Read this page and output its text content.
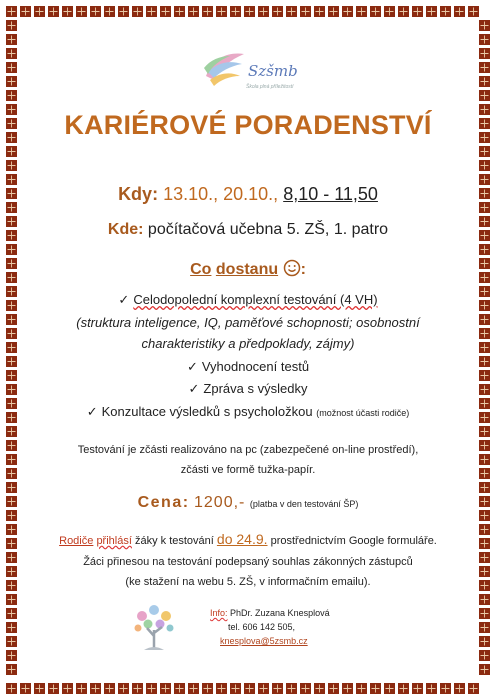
Szšmb
Škola plná příležitostí
KARIÉROVÉ PORADENSTVÍ
Kdy: 13.10., 20.10., 8,10 - 11,50
Kde: počítačová učebna 5. ZŠ, 1. patro
Co dostanu :
✓ Celodopolední komplexní testování (4 VH)
(struktura inteligence, IQ, paměťové schopnosti; osobnostní
charakteristiky a předpoklady, zájmy)
✓ Vyhodnocení testů
✓ Zpráva s výsledky
✓ Konzultace výsledků s psycholožkou (možnost účasti rodiče)
Testování je zčásti realizováno na pc (zabezpečené on-line prostředí),
zčásti ve formě tužka-papír.
Cena: 1200,- (platba v den testování ŠP)
Rodiče přihlásí žáky k testování do 24.9. prostřednictvím Google formuláře.
Žáci přinesou na testování podepsaný souhlas zákonných zástupců
(ke stažení na webu 5. ZŠ, v informačním emailu).
Info: PhDr. Zuzana Knesplová
tel. 606 142 505,
knesplova@5zsmb.cz
